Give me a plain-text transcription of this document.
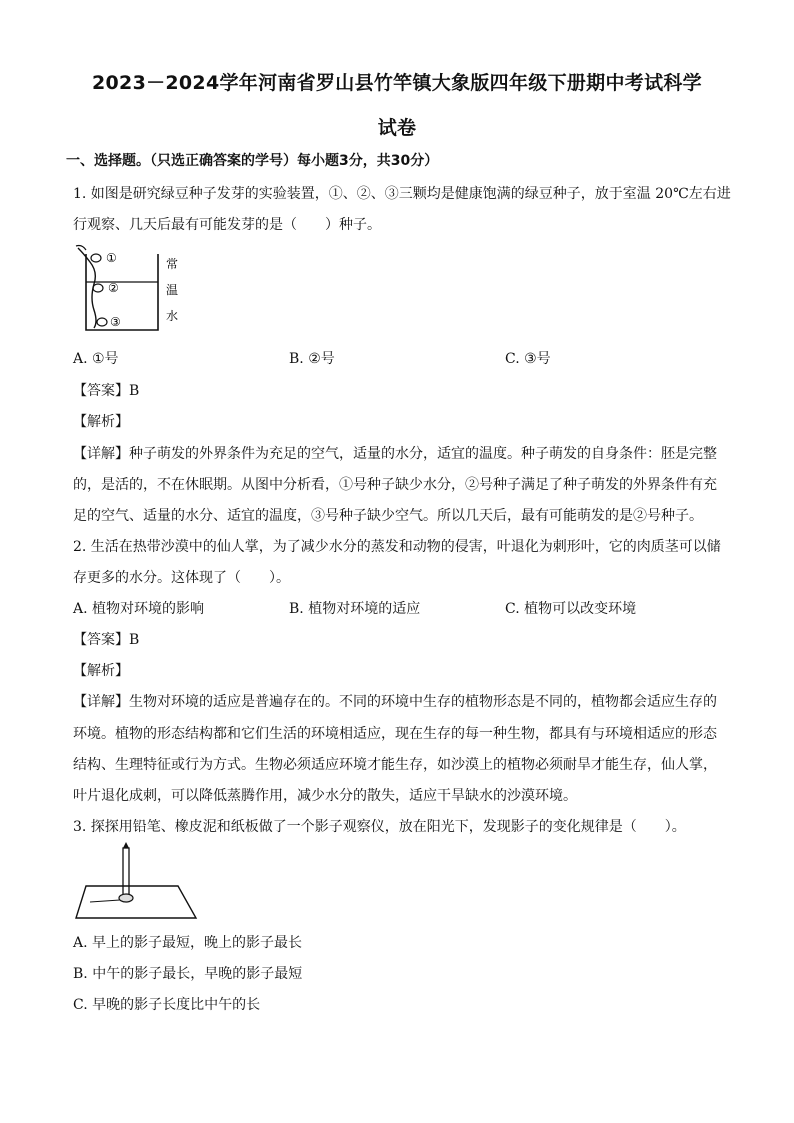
2023－2024学年河南省罗山县竹竿镇大象版四年级下册期中考试科学
试卷
一、选择题。（只选正确答案的学号）每小题3分，共30分）
1. 如图是研究绿豆种子发芽的实验装置，①、②、③三颗均是健康饱满的绿豆种子，放于室温 20℃左右进
行观察、几天后最有可能发芽的是（　　）种子。
①
②
③
常
温
水
A. ①号	B. ②号	C. ③号
【答案】B
【解析】
【详解】种子萌发的外界条件为充足的空气，适量的水分，适宜的温度。种子萌发的自身条件：胚是完整
的，是活的，不在休眠期。从图中分析看，①号种子缺少水分，②号种子满足了种子萌发的外界条件有充
足的空气、适量的水分、适宜的温度，③号种子缺少空气。所以几天后，最有可能萌发的是②号种子。
2. 生活在热带沙漠中的仙人掌，为了减少水分的蒸发和动物的侵害，叶退化为刺形叶，它的肉质茎可以储
存更多的水分。这体现了（　　）。
A. 植物对环境的影响	B. 植物对环境的适应	C. 植物可以改变环境
【答案】B
【解析】
【详解】生物对环境的适应是普遍存在的。不同的环境中生存的植物形态是不同的，植物都会适应生存的
环境。植物的形态结构都和它们生活的环境相适应，现在生存的每一种生物，都具有与环境相适应的形态
结构、生理特征或行为方式。生物必须适应环境才能生存，如沙漠上的植物必须耐旱才能生存，仙人掌，
叶片退化成刺，可以降低蒸腾作用，减少水分的散失，适应干旱缺水的沙漠环境。
3. 探探用铅笔、橡皮泥和纸板做了一个影子观察仪，放在阳光下，发现影子的变化规律是（　　）。
A. 早上的影子最短，晚上的影子最长
B. 中午的影子最长，早晚的影子最短
C. 早晚的影子长度比中午的长
